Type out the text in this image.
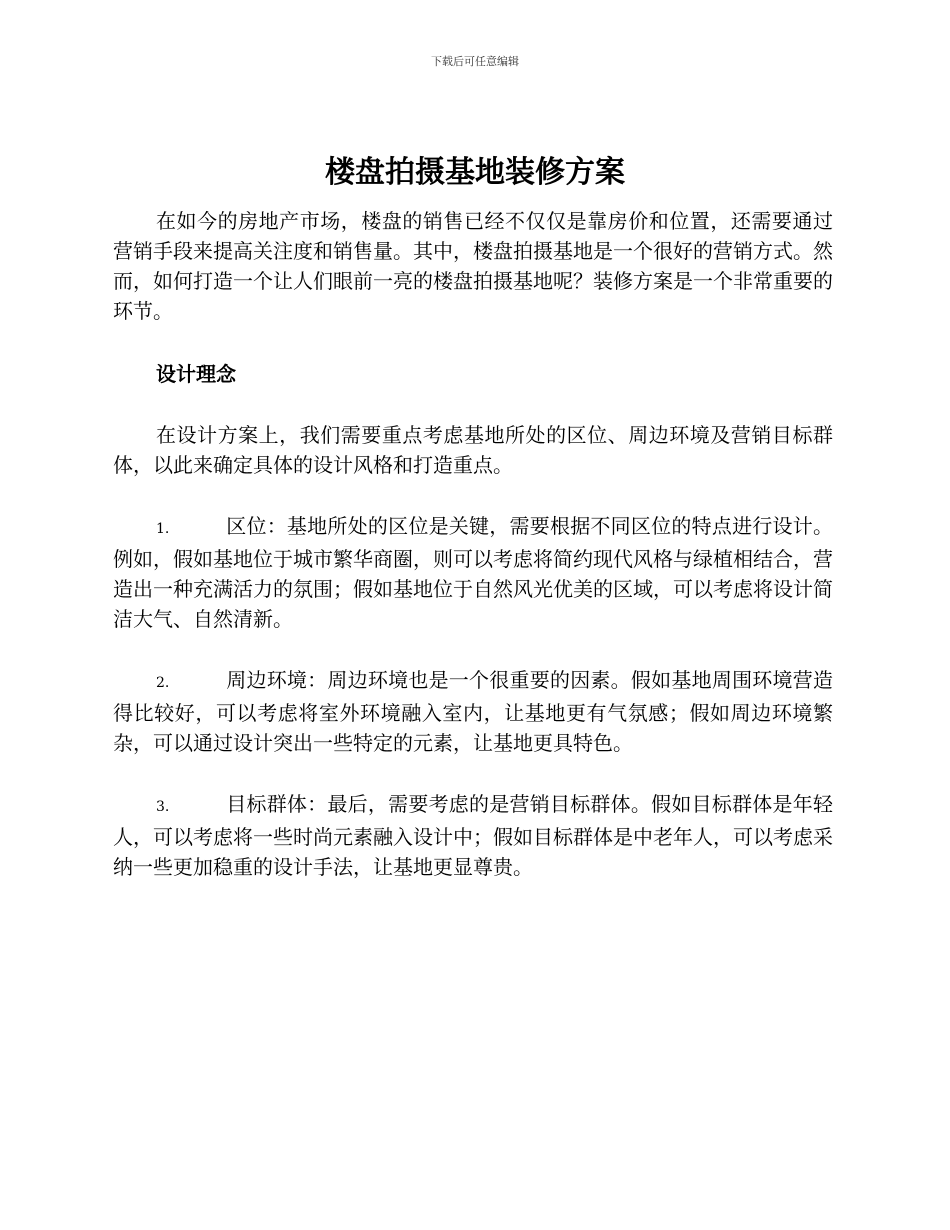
下载后可任意编辑
楼盘拍摄基地装修方案

在如今的房地产市场，楼盘的销售已经不仅仅是靠房价和位置，还需要通过营销手段来提高关注度和销售量。其中，楼盘拍摄基地是一个很好的营销方式。然而，如何打造一个让人们眼前一亮的楼盘拍摄基地呢？装修方案是一个非常重要的环节。

设计理念

在设计方案上，我们需要重点考虑基地所处的区位、周边环境及营销目标群体，以此来确定具体的设计风格和打造重点。

1.	区位：基地所处的区位是关键，需要根据不同区位的特点进行设计。例如，假如基地位于城市繁华商圈，则可以考虑将简约现代风格与绿植相结合，营造出一种充满活力的氛围；假如基地位于自然风光优美的区域，可以考虑将设计简洁大气、自然清新。

2.	周边环境：周边环境也是一个很重要的因素。假如基地周围环境营造得比较好，可以考虑将室外环境融入室内，让基地更有气氛感；假如周边环境繁杂，可以通过设计突出一些特定的元素，让基地更具特色。

3.	目标群体：最后，需要考虑的是营销目标群体。假如目标群体是年轻人，可以考虑将一些时尚元素融入设计中；假如目标群体是中老年人，可以考虑采纳一些更加稳重的设计手法，让基地更显尊贵。
